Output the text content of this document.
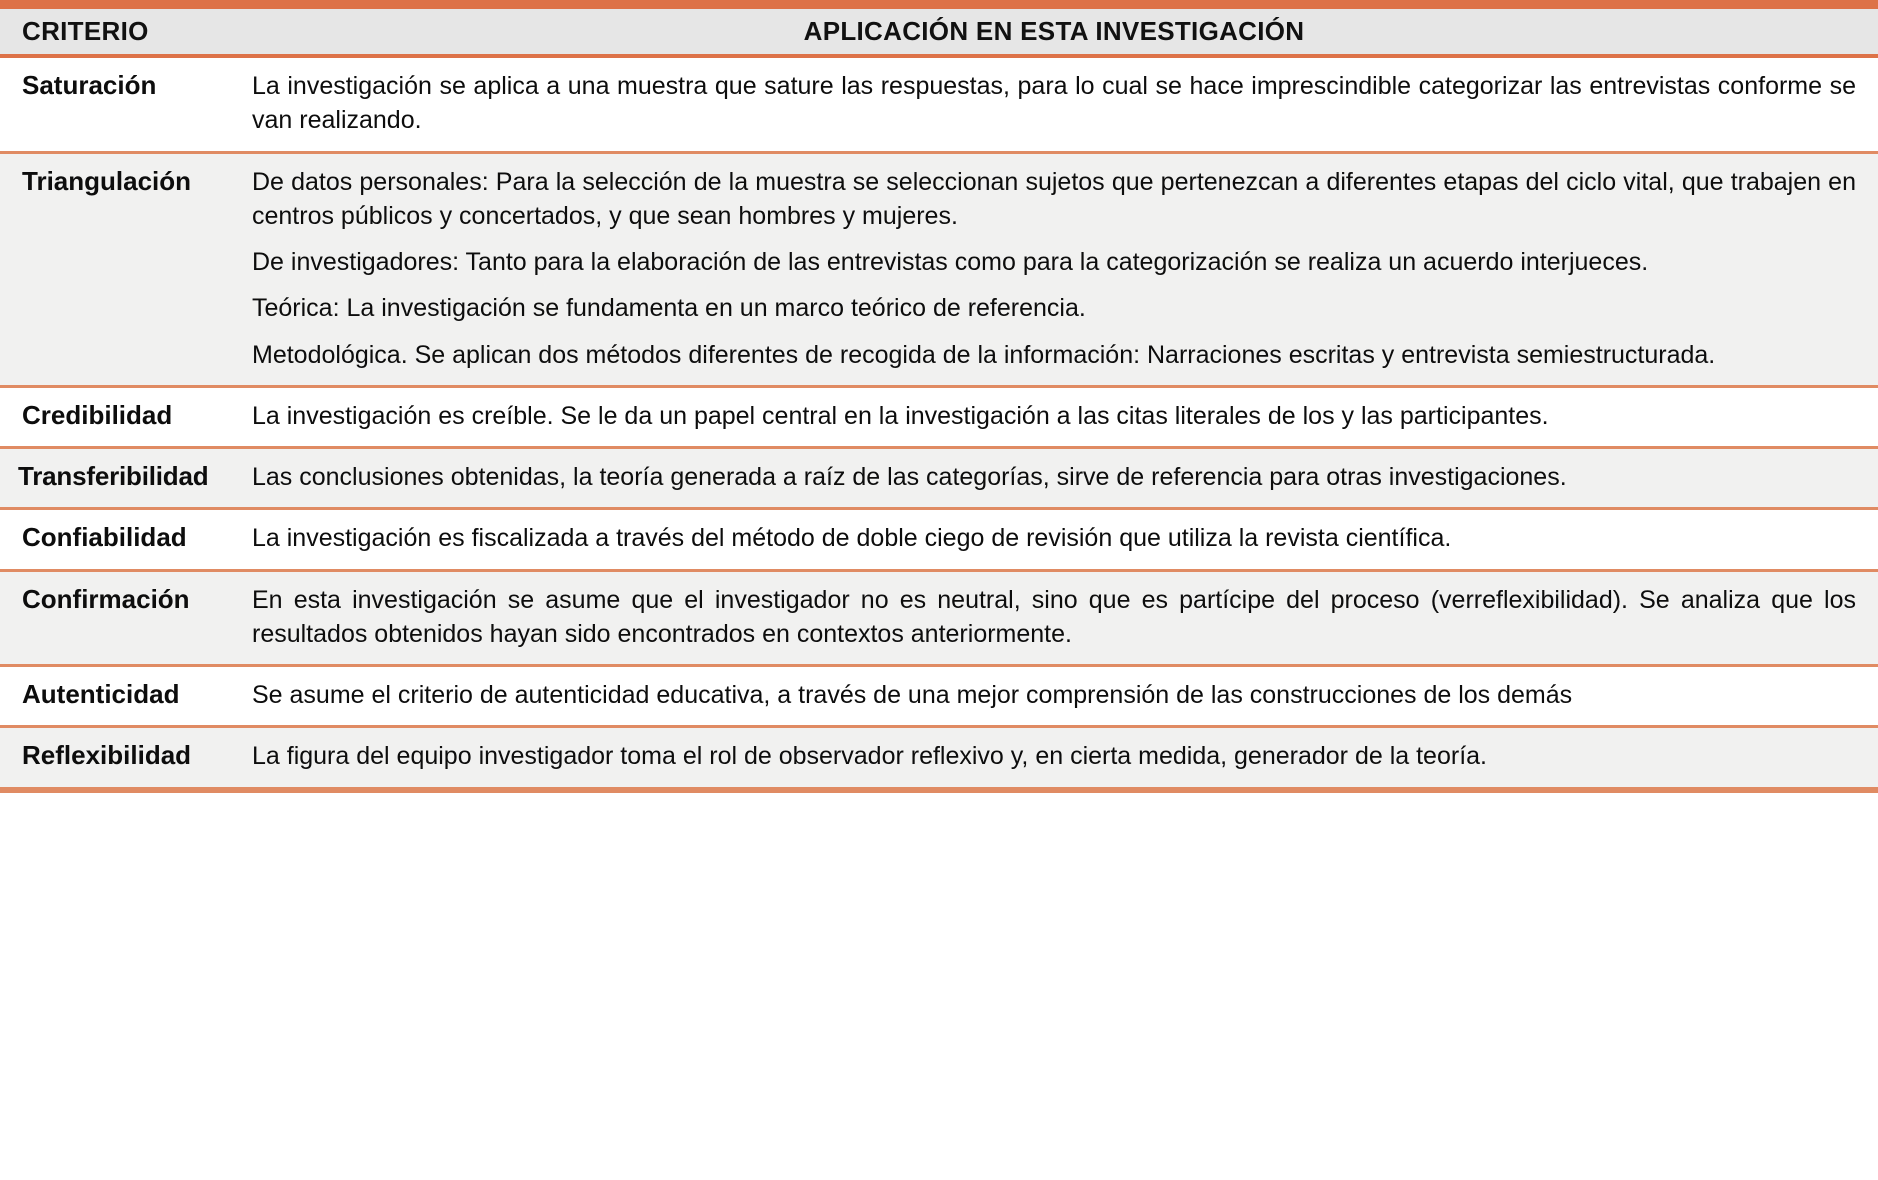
CRITERIO	APLICACIÓN EN ESTA INVESTIGACIÓN
Saturación	La investigación se aplica a una muestra que sature las respuestas, para lo cual se hace imprescindible categorizar las entrevistas conforme se van realizando.

Triangulación	De datos personales: Para la selección de la muestra se seleccionan sujetos que pertenezcan a diferentes etapas del ciclo vital, que trabajen en centros públicos y concertados, y que sean hombres y mujeres.

De investigadores: Tanto para la elaboración de las entrevistas como para la categorización se realiza un acuerdo interjueces.

Teórica: La investigación se fundamenta en un marco teórico de referencia.

Metodológica. Se aplican dos métodos diferentes de recogida de la información: Narraciones escritas y entrevista semiestructurada.

Credibilidad	La investigación es creíble. Se le da un papel central en la investigación a las citas literales de los y las participantes.

Transferibilidad	Las conclusiones obtenidas, la teoría generada a raíz de las categorías, sirve de referencia para otras investigaciones.

Confiabilidad	La investigación es fiscalizada a través del método de doble ciego de revisión que utiliza la revista científica.

Confirmación	En esta investigación se asume que el investigador no es neutral, sino que es partícipe del proceso (verreflexibilidad). Se analiza que los resultados obtenidos hayan sido encontrados en contextos anteriormente.

Autenticidad	Se asume el criterio de autenticidad educativa, a través de una mejor comprensión de las construcciones de los demás

Reflexibilidad	La figura del equipo investigador toma el rol de observador reflexivo y, en cierta medida, generador de la teoría.
